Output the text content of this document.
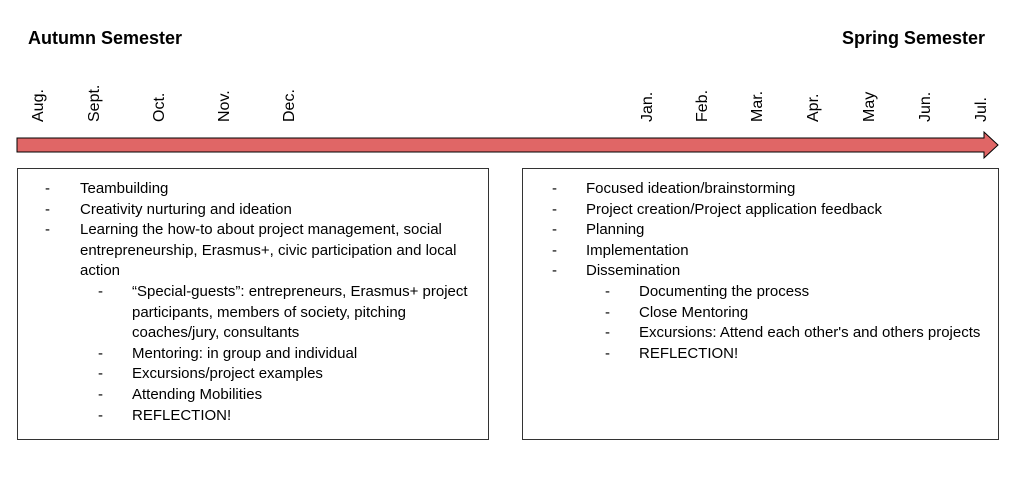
Autumn Semester	Spring Semester
Aug. Sept.	Oct.	Nov.	Dec.	Jan. Feb. Mar. Apr. May Jun. Jul.
- Teambuilding
- Creativity nurturing and ideation
- Learning the how-to about project management, social entrepreneurship, Erasmus+, civic participation and local action
- “Special-guests”: entrepreneurs, Erasmus+ project participants, members of society, pitching coaches/jury, consultants
- Mentoring: in group and individual
- Excursions/project examples
- Attending Mobilities
- REFLECTION!
- Focused ideation/brainstorming
- Project creation/Project application feedback
- Planning
- Implementation
- Dissemination
- Documenting the process
- Close Mentoring
- Excursions: Attend each other's and others projects
- REFLECTION!
